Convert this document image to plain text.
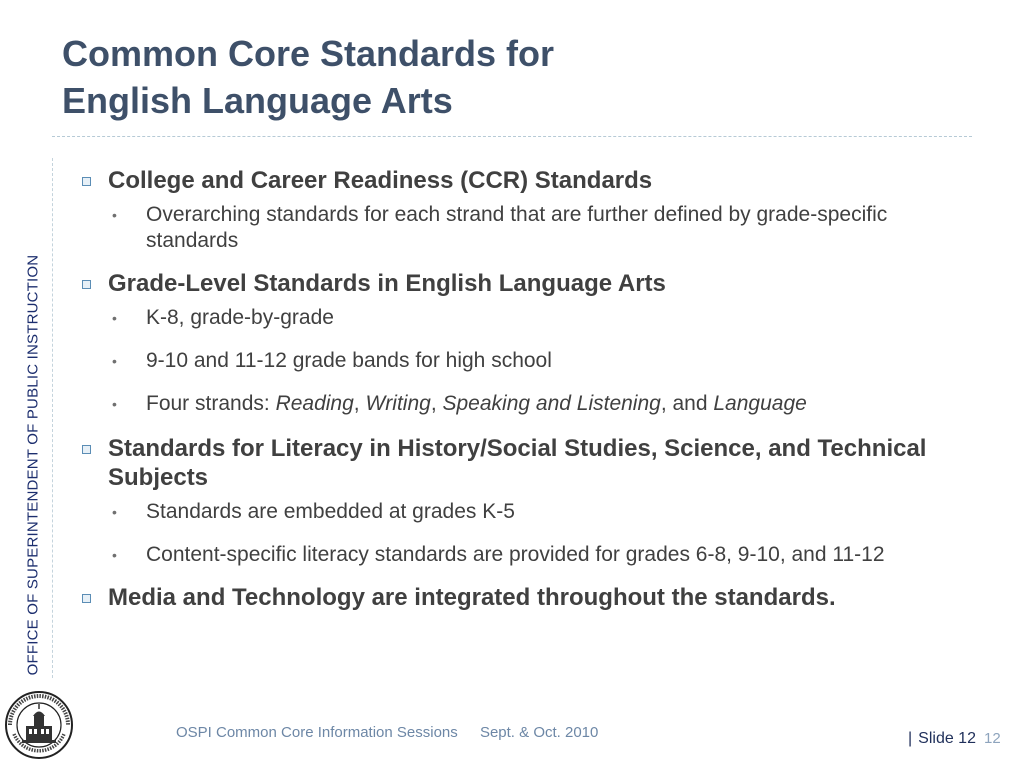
Common Core Standards for
English Language Arts
OFFICE OF SUPERINTENDENT OF PUBLIC INSTRUCTION
College and Career Readiness (CCR) Standards
• Overarching standards for each strand that are further defined by grade-specific standards
Grade-Level Standards in English Language Arts
• K-8, grade-by-grade
• 9-10 and 11-12 grade bands for high school
• Four strands: Reading, Writing, Speaking and Listening, and Language
Standards for Literacy in History/Social Studies, Science, and Technical Subjects
• Standards are embedded at grades K-5
• Content-specific literacy standards are provided for grades 6-8, 9-10, and 11-12
Media and Technology are integrated throughout the standards.
OSPI Common Core Information Sessions Sept. & Oct. 2010	| Slide 12 12
